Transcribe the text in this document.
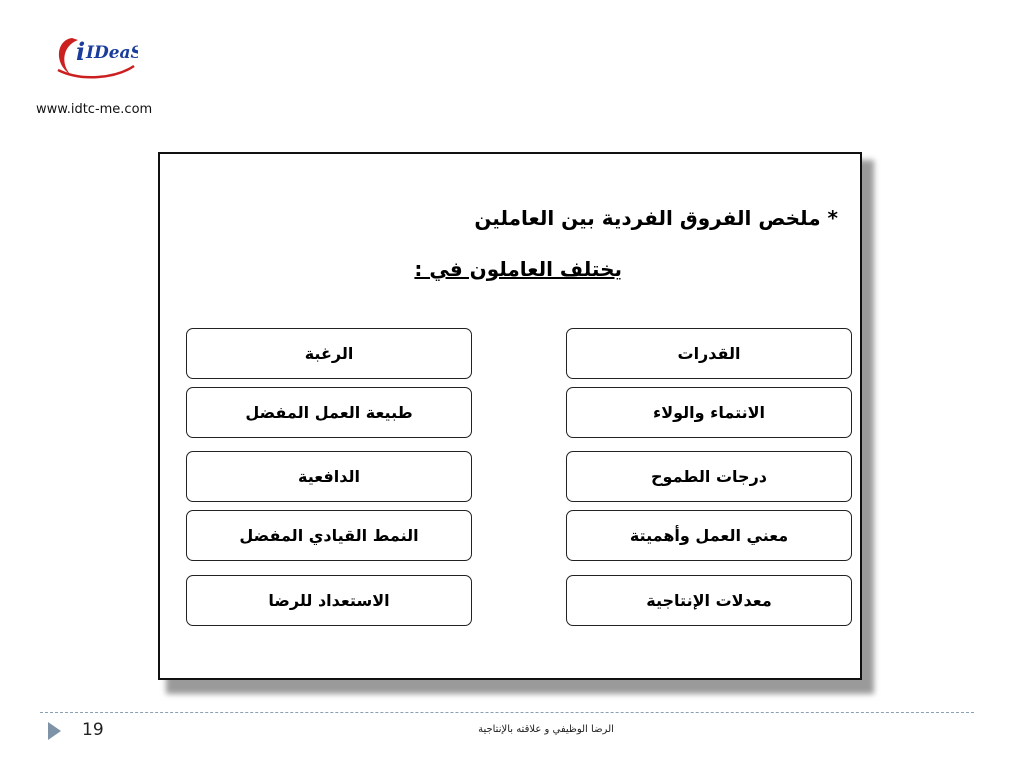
i IDeaS
www.idtc-me.com
* ملخص الفروق الفردية بين العاملين
يختلف العاملون في :
القدرات
الانتماء والولاء
درجات الطموح
معني العمل وأهميتة
معدلات الإنتاجية
الرغبة
طبيعة العمل المفضل
الدافعية
النمط القيادي المفضل
الاستعداد للرضا
19	الرضا الوظيفي و علاقته بالإنتاجية
